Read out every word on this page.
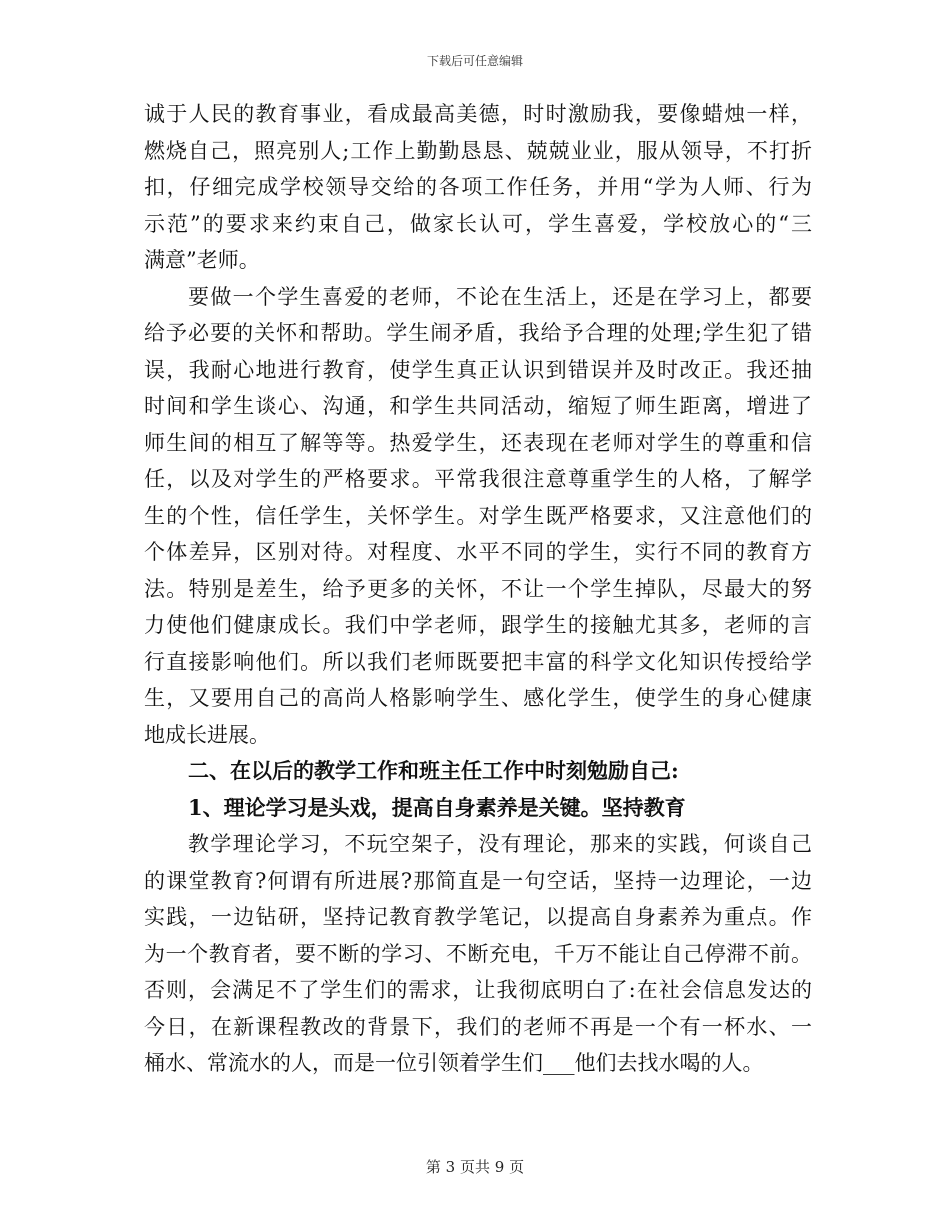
下载后可任意编辑
诚于人民的教育事业，看成最高美德，时时激励我，要像蜡烛一样，
燃烧自己，照亮别人;工作上勤勤恳恳、兢兢业业，服从领导，不打折
扣，仔细完成学校领导交给的各项工作任务，并用“学为人师、行为
示范”的要求来约束自己，做家长认可，学生喜爱，学校放心的“三
满意”老师。
要做一个学生喜爱的老师，不论在生活上，还是在学习上，都要
给予必要的关怀和帮助。学生闹矛盾，我给予合理的处理;学生犯了错
误，我耐心地进行教育，使学生真正认识到错误并及时改正。我还抽
时间和学生谈心、沟通，和学生共同活动，缩短了师生距离，增进了
师生间的相互了解等等。热爱学生，还表现在老师对学生的尊重和信
任，以及对学生的严格要求。平常我很注意尊重学生的人格，了解学
生的个性，信任学生，关怀学生。对学生既严格要求，又注意他们的
个体差异，区别对待。对程度、水平不同的学生，实行不同的教育方
法。特别是差生，给予更多的关怀，不让一个学生掉队，尽最大的努
力使他们健康成长。我们中学老师，跟学生的接触尤其多，老师的言
行直接影响他们。所以我们老师既要把丰富的科学文化知识传授给学
生，又要用自己的高尚人格影响学生、感化学生，使学生的身心健康
地成长进展。
二、在以后的教学工作和班主任工作中时刻勉励自己:
1、理论学习是头戏，提高自身素养是关键。坚持教育
教学理论学习，不玩空架子，没有理论，那来的实践，何谈自己
的课堂教育?何谓有所进展?那简直是一句空话，坚持一边理论，一边
实践，一边钻研，坚持记教育教学笔记，以提高自身素养为重点。作
为一个教育者，要不断的学习、不断充电，千万不能让自己停滞不前。
否则，会满足不了学生们的需求，让我彻底明白了:在社会信息发达的
今日，在新课程教改的背景下，我们的老师不再是一个有一杯水、一
桶水、常流水的人，而是一位引领着学生们___他们去找水喝的人。
第 3 页共 9 页
